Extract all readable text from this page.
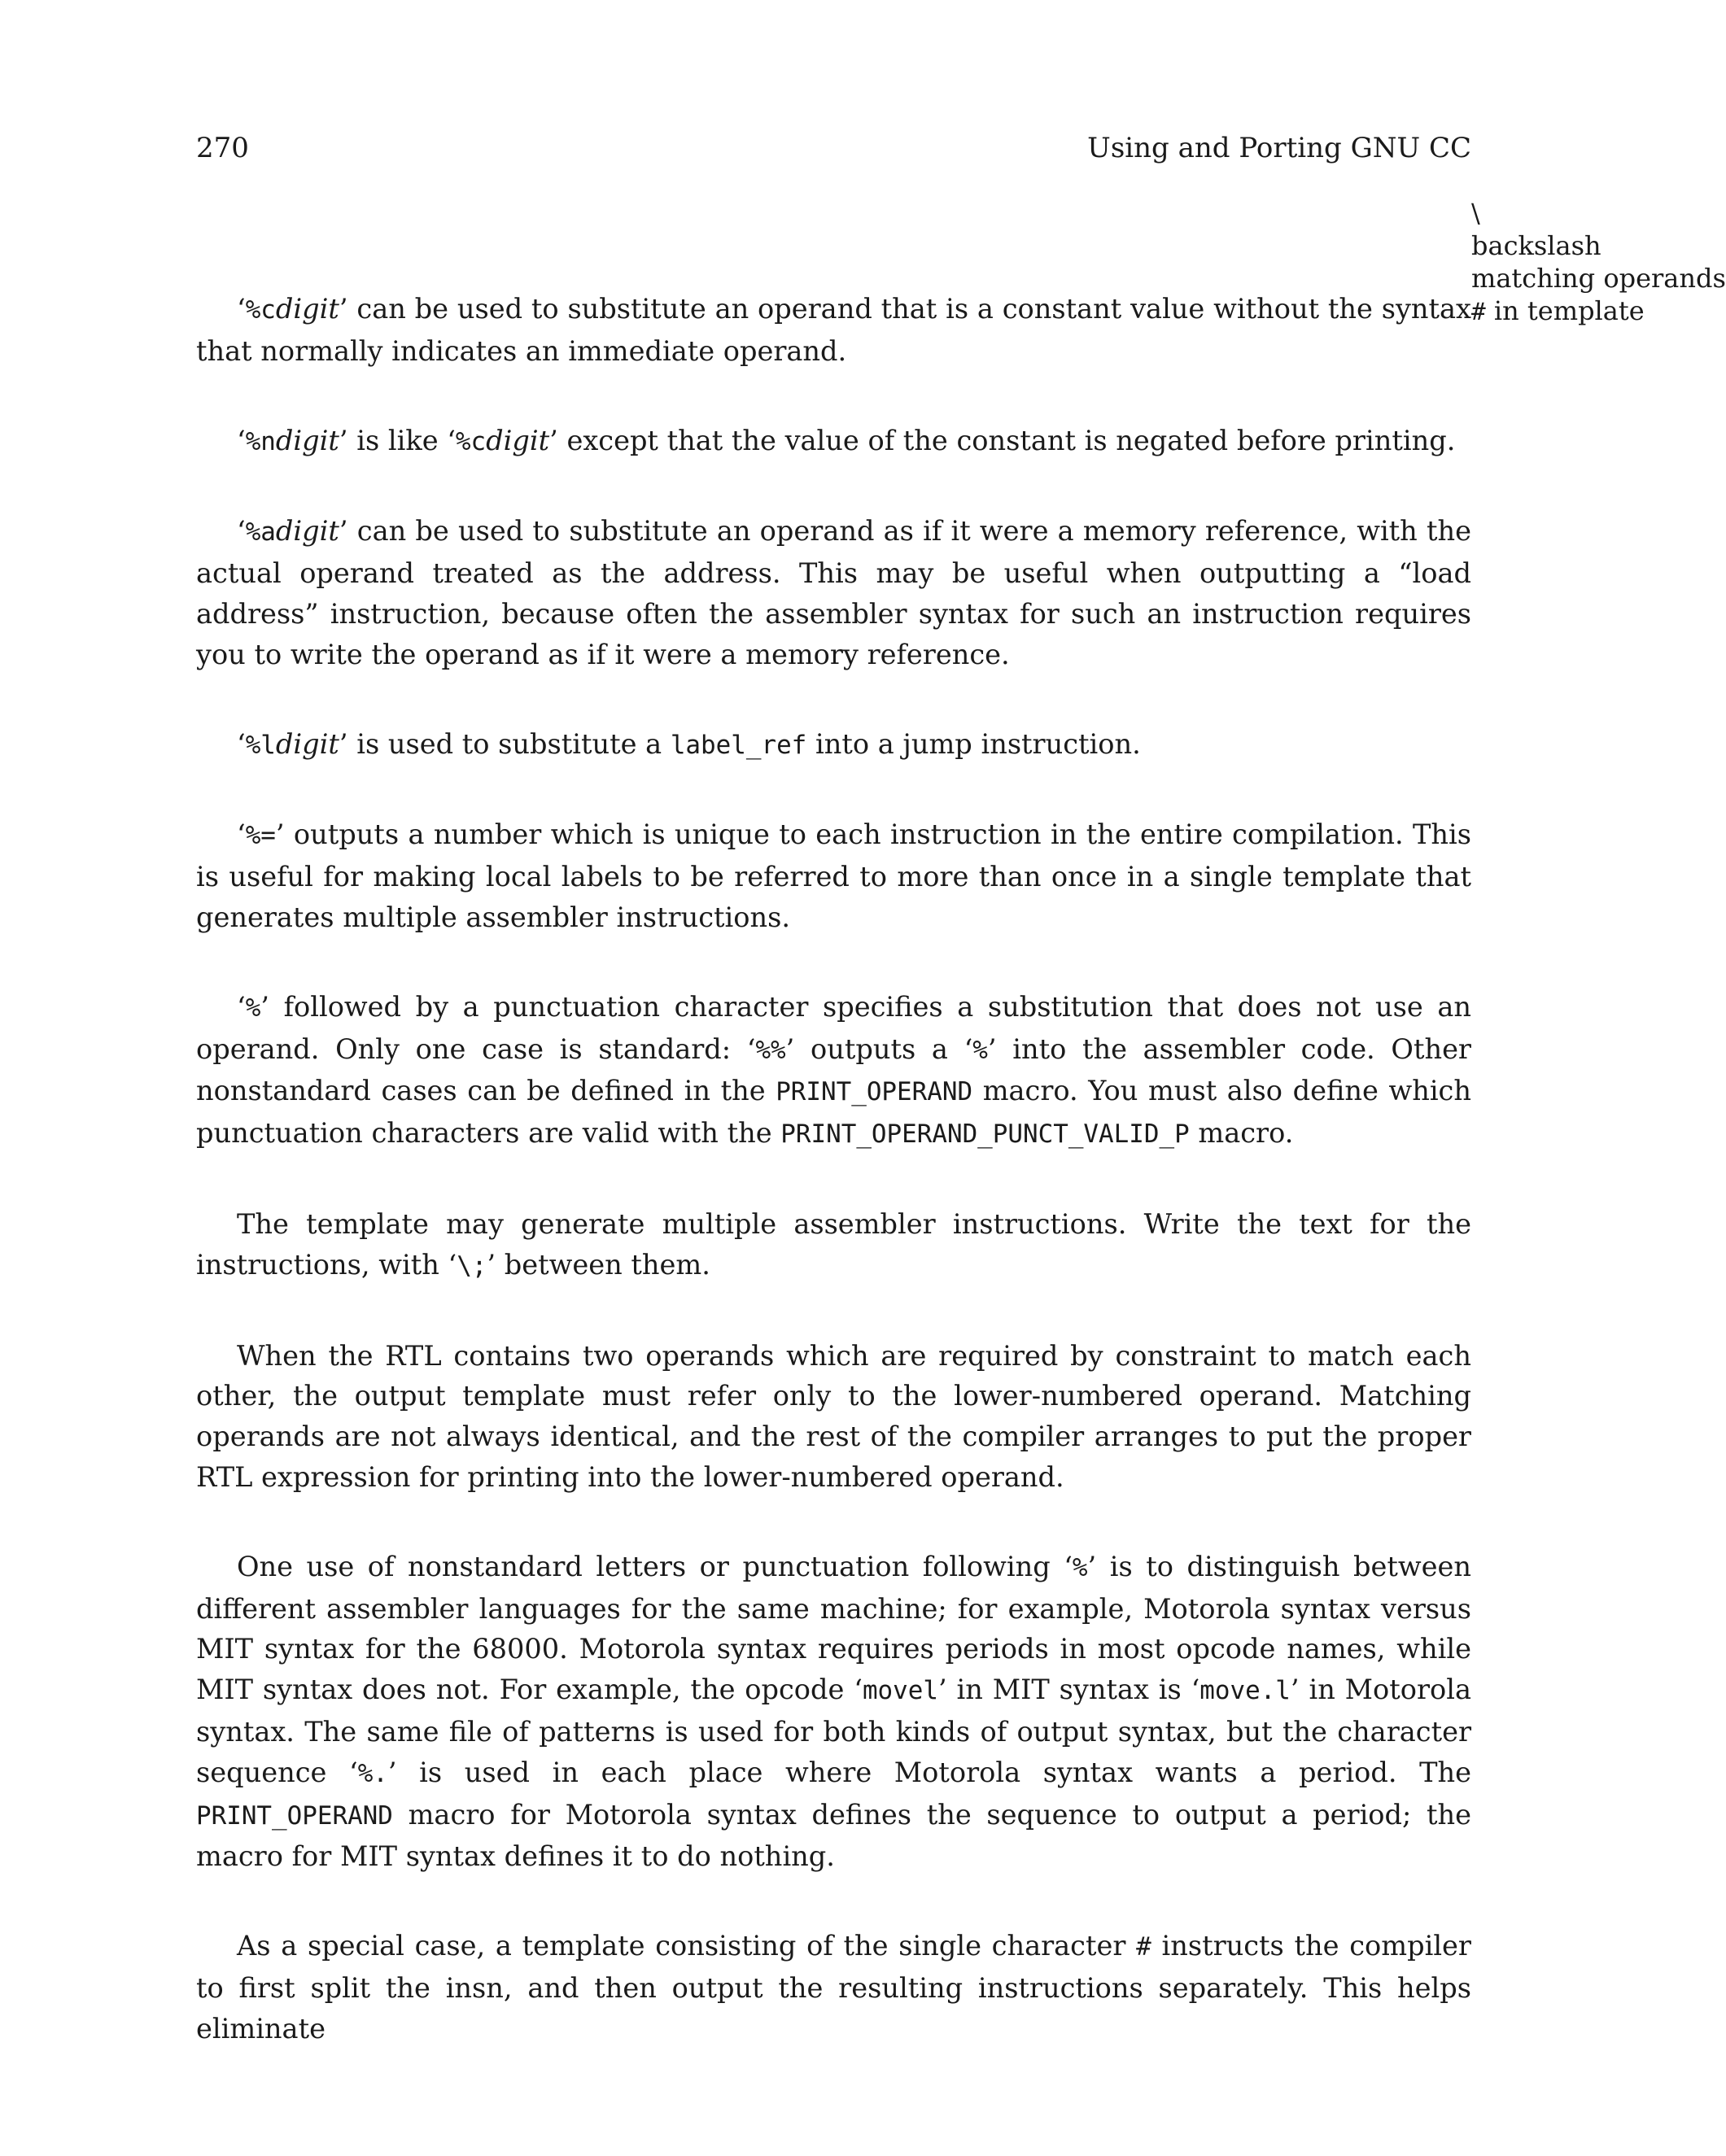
270	Using and Porting GNU CC
\
backslash
matching operands
# in template

‘%cdigit’ can be used to substitute an operand that is a constant value without the syntax that normally indicates an immediate operand.

‘%ndigit’ is like ‘%cdigit’ except that the value of the constant is negated before printing.

‘%adigit’ can be used to substitute an operand as if it were a memory reference, with the actual operand treated as the address. This may be useful when outputting a “load address” instruction, because often the assembler syntax for such an instruction requires you to write the operand as if it were a memory reference.

‘%ldigit’ is used to substitute a label_ref into a jump instruction.

‘%=’ outputs a number which is unique to each instruction in the entire compilation. This is useful for making local labels to be referred to more than once in a single template that generates multiple assembler instructions.

‘%’ followed by a punctuation character specifies a substitution that does not use an operand. Only one case is standard: ‘%%’ outputs a ‘%’ into the assembler code. Other nonstandard cases can be defined in the PRINT_OPERAND macro. You must also define which punctuation characters are valid with the PRINT_OPERAND_PUNCT_VALID_P macro.

The template may generate multiple assembler instructions. Write the text for the instructions, with ‘\;’ between them.

When the RTL contains two operands which are required by constraint to match each other, the output template must refer only to the lower-numbered operand. Matching operands are not always identical, and the rest of the compiler arranges to put the proper RTL expression for printing into the lower-numbered operand.

One use of nonstandard letters or punctuation following ‘%’ is to distinguish between different assembler languages for the same machine; for example, Motorola syntax versus MIT syntax for the 68000. Motorola syntax requires periods in most opcode names, while MIT syntax does not. For example, the opcode ‘movel’ in MIT syntax is ‘move.l’ in Motorola syntax. The same file of patterns is used for both kinds of output syntax, but the character sequence ‘%.’ is used in each place where Motorola syntax wants a period. The PRINT_OPERAND macro for Motorola syntax defines the sequence to output a period; the macro for MIT syntax defines it to do nothing.

As a special case, a template consisting of the single character # instructs the compiler to first split the insn, and then output the resulting instructions separately. This helps eliminate
